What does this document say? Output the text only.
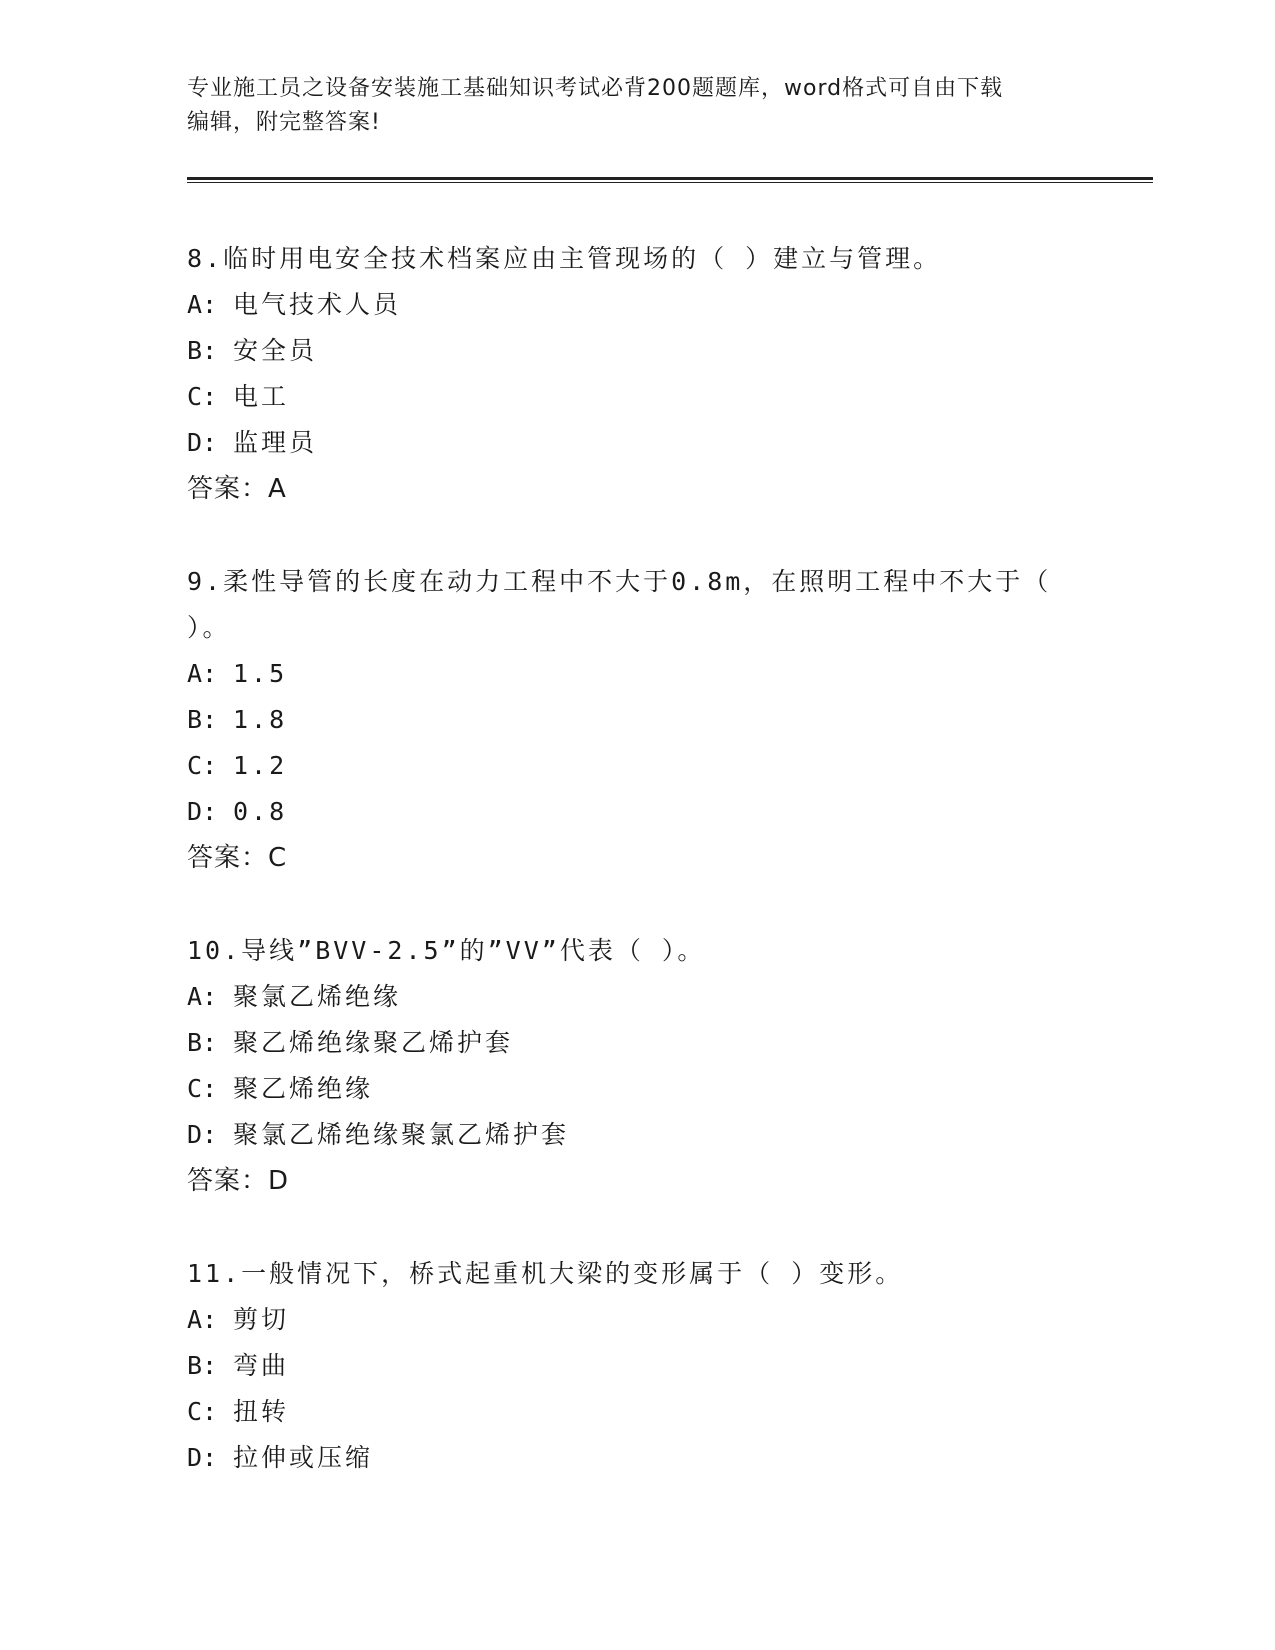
专业施工员之设备安装施工基础知识考试必背200题题库，word格式可自由下载
编辑，附完整答案!
8.临时用电安全技术档案应由主管现场的（ ）建立与管理。
A: 电气技术人员
B: 安全员
C: 电工
D: 监理员
答案：A
9.柔性导管的长度在动力工程中不大于0.8m，在照明工程中不大于（ ）。
A: 1.5
B: 1.8
C: 1.2
D: 0.8
答案：C
10.导线”BVV-2.5”的”VV”代表（ ）。
A: 聚氯乙烯绝缘
B: 聚乙烯绝缘聚乙烯护套
C: 聚乙烯绝缘
D: 聚氯乙烯绝缘聚氯乙烯护套
答案：D
11.一般情况下，桥式起重机大梁的变形属于（ ）变形。
A: 剪切
B: 弯曲
C: 扭转
D: 拉伸或压缩
